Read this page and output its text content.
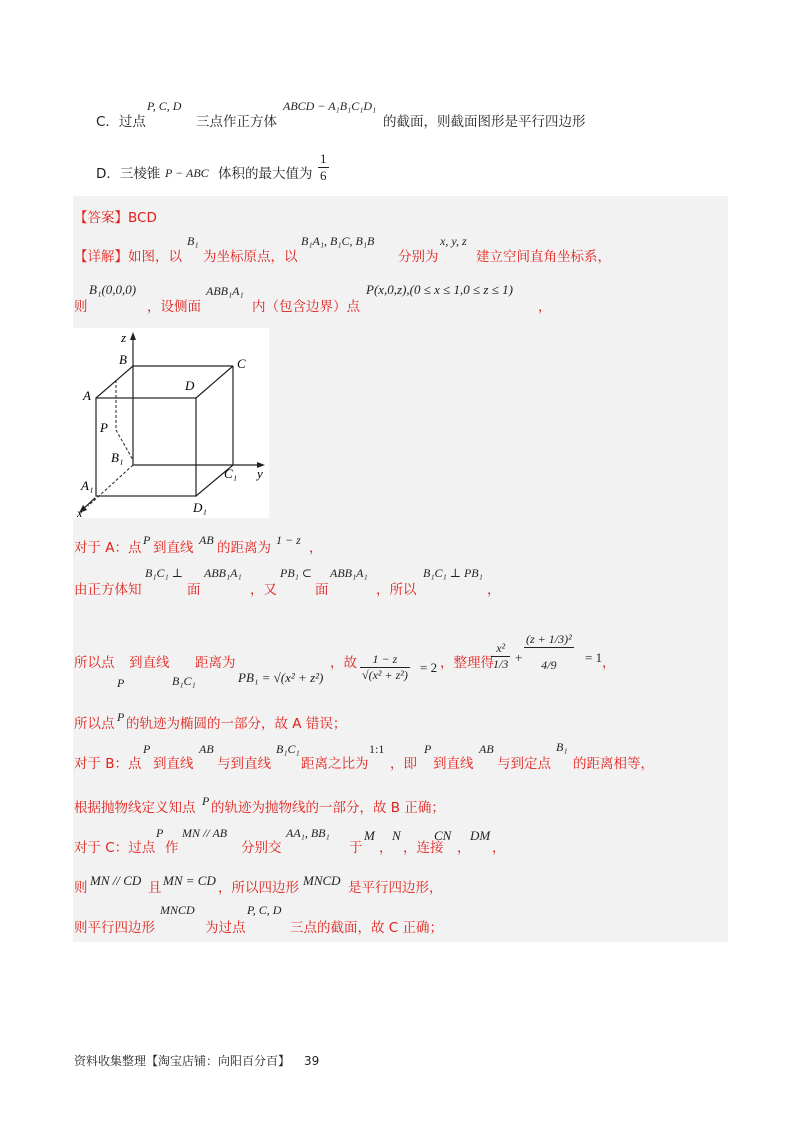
C．过点
P, C, D
三点作正方体
ABCD − A₁B₁C₁D₁
的截面，则截面图形是平行四边形
D．三棱锥 P − ABC 体积的最大值为 $\frac{1}{6}$
【答案】BCD
【详解】如图，以
B₁
为坐标原点，以
B₁A₁, B₁C, B₁B
分别为
x, y, z
建立空间直角坐标系，
则
B₁(0,0,0)
，设侧面
ABB₁A₁
内（包含边界）点
P(x,0,z),(0 ≤ x ≤ 1,0 ≤ z ≤ 1)
，
z
B	C
A
D
P
B₁
C₁ y
A₁
D₁
x
对于 A：点 P 到直线 AB 的距离为 1 − z ，
由正方体知
B₁C₁ ⊥
面
ABB₁A₁
，又
PB₁ ⊂
面
ABB₁A₁
，所以
B₁C₁ ⊥ PB₁
，
所以点
P
到直线
B₁C₁
距离为
PB₁ = √(x² + z²)
，故 $\frac{1 - z}{\text{√(x² + z²)}} = 2$ ，整理得
$\frac{\text{x²}}{1/3} + \frac{\text{(z + 1/3)²}}{4/9} = 1$ ，
所以点 P 的轨迹为椭圆的一部分，故 A 错误；
对于 B：点
P
到直线
AB
与到直线
B₁C₁
距离之比为
1:1
，即
P
到直线
AB
与到定点
B₁
的距离相等，
根据抛物线定义知点 P 的轨迹为抛物线的一部分，故 B 正确；
对于 C：过点
P
作
MN // AB
分别交
AA₁, BB₁
于
M
，
N
，连接
CN
，
DM
，
则 MN // CD 且 MN = CD ，所以四边形 MNCD 是平行四边形，
则平行四边形
MNCD
为过点
P, C, D
三点的截面，故 C 正确；
资料收集整理【淘宝店铺：向阳百分百】 39
